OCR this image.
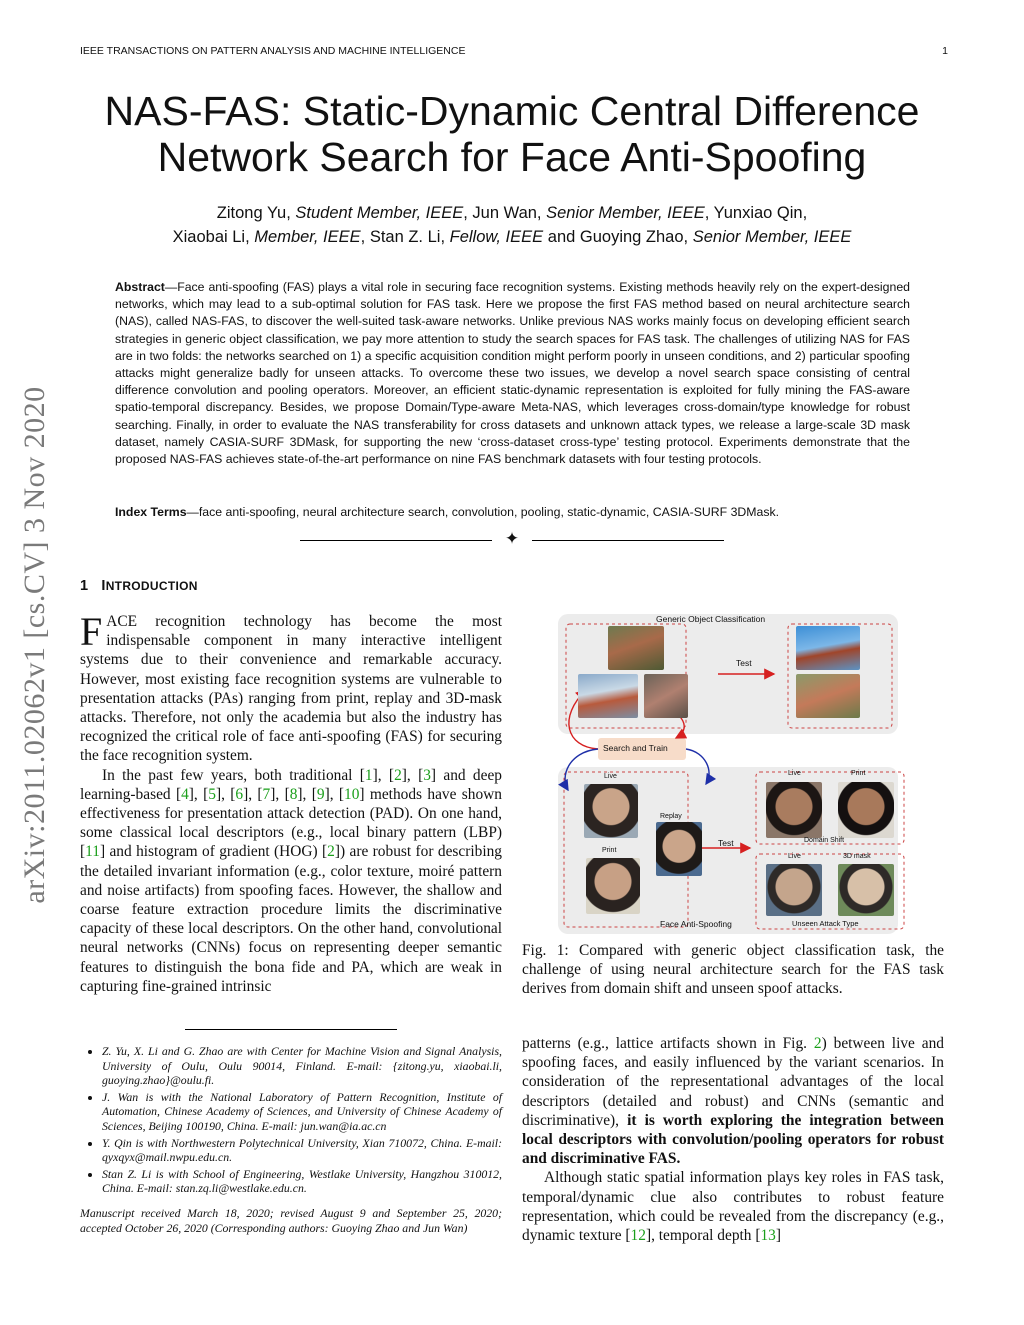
IEEE TRANSACTIONS ON PATTERN ANALYSIS AND MACHINE INTELLIGENCE	1
NAS-FAS: Static-Dynamic Central Difference
Network Search for Face Anti-Spoofing
Zitong Yu, Student Member, IEEE, Jun Wan, Senior Member, IEEE, Yunxiao Qin,
Xiaobai Li, Member, IEEE, Stan Z. Li, Fellow, IEEE and Guoying Zhao, Senior Member, IEEE
Abstract—Face anti-spoofing (FAS) plays a vital role in securing face recognition systems. Existing methods heavily rely on the expert-designed networks, which may lead to a sub-optimal solution for FAS task. Here we propose the first FAS method based on neural architecture search (NAS), called NAS-FAS, to discover the well-suited task-aware networks. Unlike previous NAS works mainly focus on developing efficient search strategies in generic object classification, we pay more attention to study the search spaces for FAS task. The challenges of utilizing NAS for FAS are in two folds: the networks searched on 1) a specific acquisition condition might perform poorly in unseen conditions, and 2) particular spoofing attacks might generalize badly for unseen attacks. To overcome these two issues, we develop a novel search space consisting of central difference convolution and pooling operators. Moreover, an efficient static-dynamic representation is exploited for fully mining the FAS-aware spatio-temporal discrepancy. Besides, we propose Domain/Type-aware Meta-NAS, which leverages cross-domain/type knowledge for robust searching. Finally, in order to evaluate the NAS transferability for cross datasets and unknown attack types, we release a large-scale 3D mask dataset, namely CASIA-SURF 3DMask, for supporting the new ‘cross-dataset cross-type’ testing protocol. Experiments demonstrate that the proposed NAS-FAS achieves state-of-the-art performance on nine FAS benchmark datasets with four testing protocols.
Index Terms—face anti-spoofing, neural architecture search, convolution, pooling, static-dynamic, CASIA-SURF 3DMask.
✦
1 INTRODUCTION

FACE recognition technology has become the most indispensable component in many interactive intelligent systems due to their convenience and remarkable accuracy. However, most existing face recognition systems are vulnerable to presentation attacks (PAs) ranging from print, replay and 3D-mask attacks. Therefore, not only the academia but also the industry has recognized the critical role of face anti-spoofing (FAS) for securing the face recognition system.

In the past few years, both traditional [1], [2], [3] and deep learning-based [4], [5], [6], [7], [8], [9], [10] methods have shown effectiveness for presentation attack detection (PAD). On one hand, some classical local descriptors (e.g., local binary pattern (LBP) [11] and histogram of gradient (HOG) [2]) are robust for describing the detailed invariant information (e.g., color texture, moiré pattern and noise artifacts) from spoofing faces. However, the shallow and coarse feature extraction procedure limits the discriminative capacity of these local descriptors. On the other hand, convolutional neural networks (CNNs) focus on representing deeper semantic features to distinguish the bona fide and PA, which are weak in capturing fine-grained intrinsic

• Z. Yu, X. Li and G. Zhao are with Center for Machine Vision and Signal Analysis, University of Oulu, Oulu 90014, Finland. E-mail: {zitong.yu, xiaobai.li, guoying.zhao}@oulu.fi.
• J. Wan is with the National Laboratory of Pattern Recognition, Institute of Automation, Chinese Academy of Sciences, and University of Chinese Academy of Sciences, Beijing 100190, China. E-mail: jun.wan@ia.ac.cn
• Y. Qin is with Northwestern Polytechnical University, Xian 710072, China. E-mail: qyxqyx@mail.nwpu.edu.cn.
• Stan Z. Li is with School of Engineering, Westlake University, Hangzhou 310012, China. E-mail: stan.zq.li@westlake.edu.cn.
Manuscript received March 18, 2020; revised August 9 and September 25, 2020; accepted October 26, 2020 (Corresponding authors: Guoying Zhao and Jun Wan)
arXiv:2011.02062v1 [cs.CV] 3 Nov 2020	Generic Object Classification
Test
Search and Train
Live
Replay
Print
Test
Live	Print
Domain Shift
Live	3D mask
Face Anti-Spoofing	Unseen Attack Type
Fig. 1: Compared with generic object classification task, the challenge of using neural architecture search for the FAS task derives from domain shift and unseen spoof attacks.

patterns (e.g., lattice artifacts shown in Fig. 2) between live and spoofing faces, and easily influenced by the variant scenarios. In consideration of the representational advantages of the local descriptors (detailed and robust) and CNNs (semantic and discriminative), it is worth exploring the integration between local descriptors with convolution/pooling operators for robust and discriminative FAS.

Although static spatial information plays key roles in FAS task, temporal/dynamic clue also contributes to robust feature representation, which could be revealed from the discrepancy (e.g., dynamic texture [12], temporal depth [13]
